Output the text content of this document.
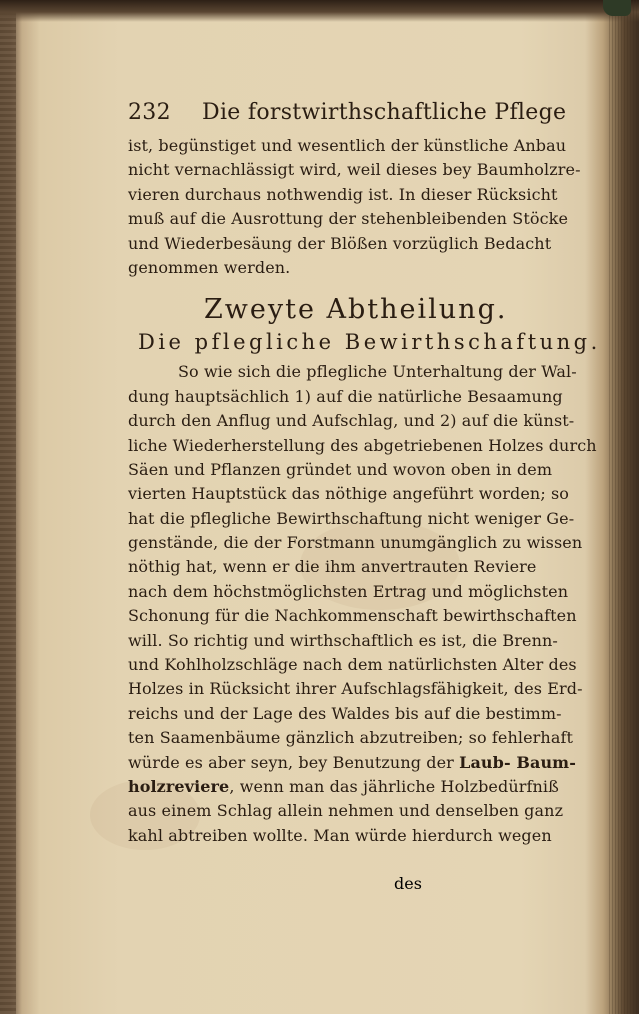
232 Die forstwirthschaftliche Pflege
ist, begünstiget und wesentlich der künstliche Anbau
nicht vernachlässigt wird, weil dieses bey Baumholzre-
vieren durchaus nothwendig ist. In dieser Rücksicht
muß auf die Ausrottung der stehenbleibenden Stöcke
und Wiederbesäung der Blößen vorzüglich Bedacht
genommen werden.
Zweyte Abtheilung.
Die pflegliche Bewirthschaftung.
So wie sich die pflegliche Unterhaltung der Wal-
dung hauptsächlich 1) auf die natürliche Besaamung
durch den Anflug und Aufschlag, und 2) auf die künst-
liche Wiederherstellung des abgetriebenen Holzes durch
Säen und Pflanzen gründet und wovon oben in dem
vierten Hauptstück das nöthige angeführt worden; so
hat die pflegliche Bewirthschaftung nicht weniger Ge-
genstände, die der Forstmann unumgänglich zu wissen
nöthig hat, wenn er die ihm anvertrauten Reviere
nach dem höchstmöglichsten Ertrag und möglichsten
Schonung für die Nachkommenschaft bewirthschaften
will. So richtig und wirthschaftlich es ist, die Brenn-
und Kohlholzschläge nach dem natürlichsten Alter des
Holzes in Rücksicht ihrer Aufschlagsfähigkeit, des Erd-
reichs und der Lage des Waldes bis auf die bestimm-
ten Saamenbäume gänzlich abzutreiben; so fehlerhaft
würde es aber seyn, bey Benutzung der Laub- Baum-
holzreviere, wenn man das jährliche Holzbedürfniß
aus einem Schlag allein nehmen und denselben ganz
kahl abtreiben wollte. Man würde hierdurch wegen
des
